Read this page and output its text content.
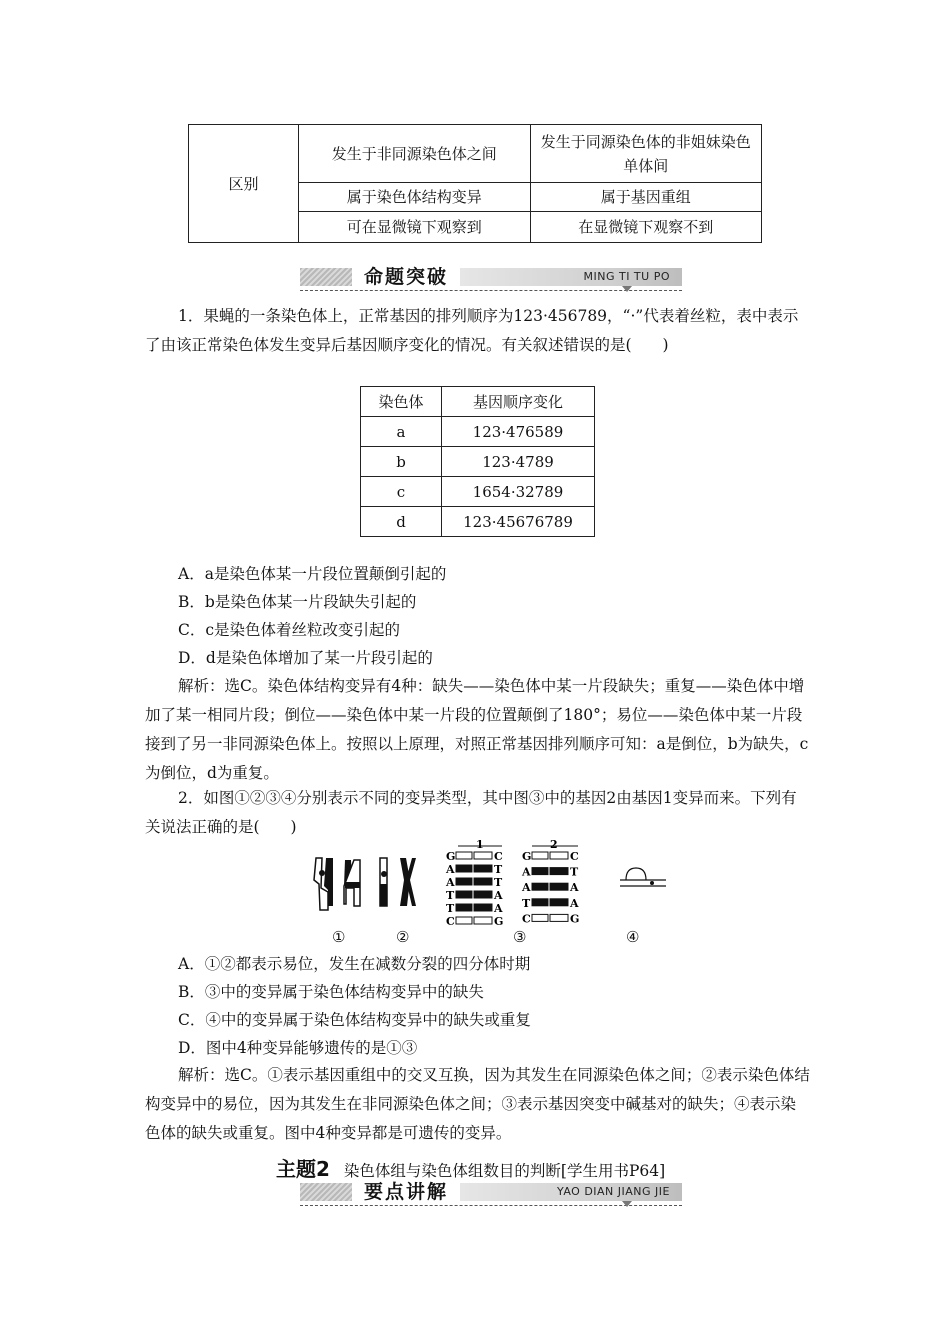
区别	发生于非同源染色体之间	发生于同源染色体的非姐妹染色单体间
	属于染色体结构变异	属于基因重组
	可在显微镜下观察到	在显微镜下观察不到
命题突破	MING TI TU PO
1．果蝇的一条染色体上，正常基因的排列顺序为123·456789，“·”代表着丝粒，表中表示了由该正常染色体发生变异后基因顺序变化的情况。有关叙述错误的是(　　)
染色体	基因顺序变化
a	123·476589
b	123·4789
c	1654·32789
d	123·45676789
A．a是染色体某一片段位置颠倒引起的
B．b是染色体某一片段缺失引起的
C．c是染色体着丝粒改变引起的
D．d是染色体增加了某一片段引起的
解析：选C。染色体结构变异有4种：缺失——染色体中某一片段缺失；重复——染色体中增加了某一相同片段；倒位——染色体中某一片段的位置颠倒了180°；易位——染色体中某一片段接到了另一非同源染色体上。按照以上原理，对照正常基因排列顺序可知：a是倒位，b为缺失，c为倒位，d为重复。
2．如图①②③④分别表示不同的变异类型，其中图③中的基因2由基因1变异而来。下列有关说法正确的是(　　)
1
G
A
A
T
T
C
C
T
T
A
A
G
2
G
A
A
T
C
C
T
A
A
G
①	②	③	④
A．①②都表示易位，发生在减数分裂的四分体时期
B．③中的变异属于染色体结构变异中的缺失
C．④中的变异属于染色体结构变异中的缺失或重复
D．图中4种变异能够遗传的是①③
解析：选C。①表示基因重组中的交叉互换，因为其发生在同源染色体之间；②表示染色体结构变异中的易位，因为其发生在非同源染色体之间；③表示基因突变中碱基对的缺失；④表示染色体的缺失或重复。图中4种变异都是可遗传的变异。
主题2 染色体组与染色体组数目的判断[学生用书P64]
要点讲解	YAO DIAN JIANG JIE
